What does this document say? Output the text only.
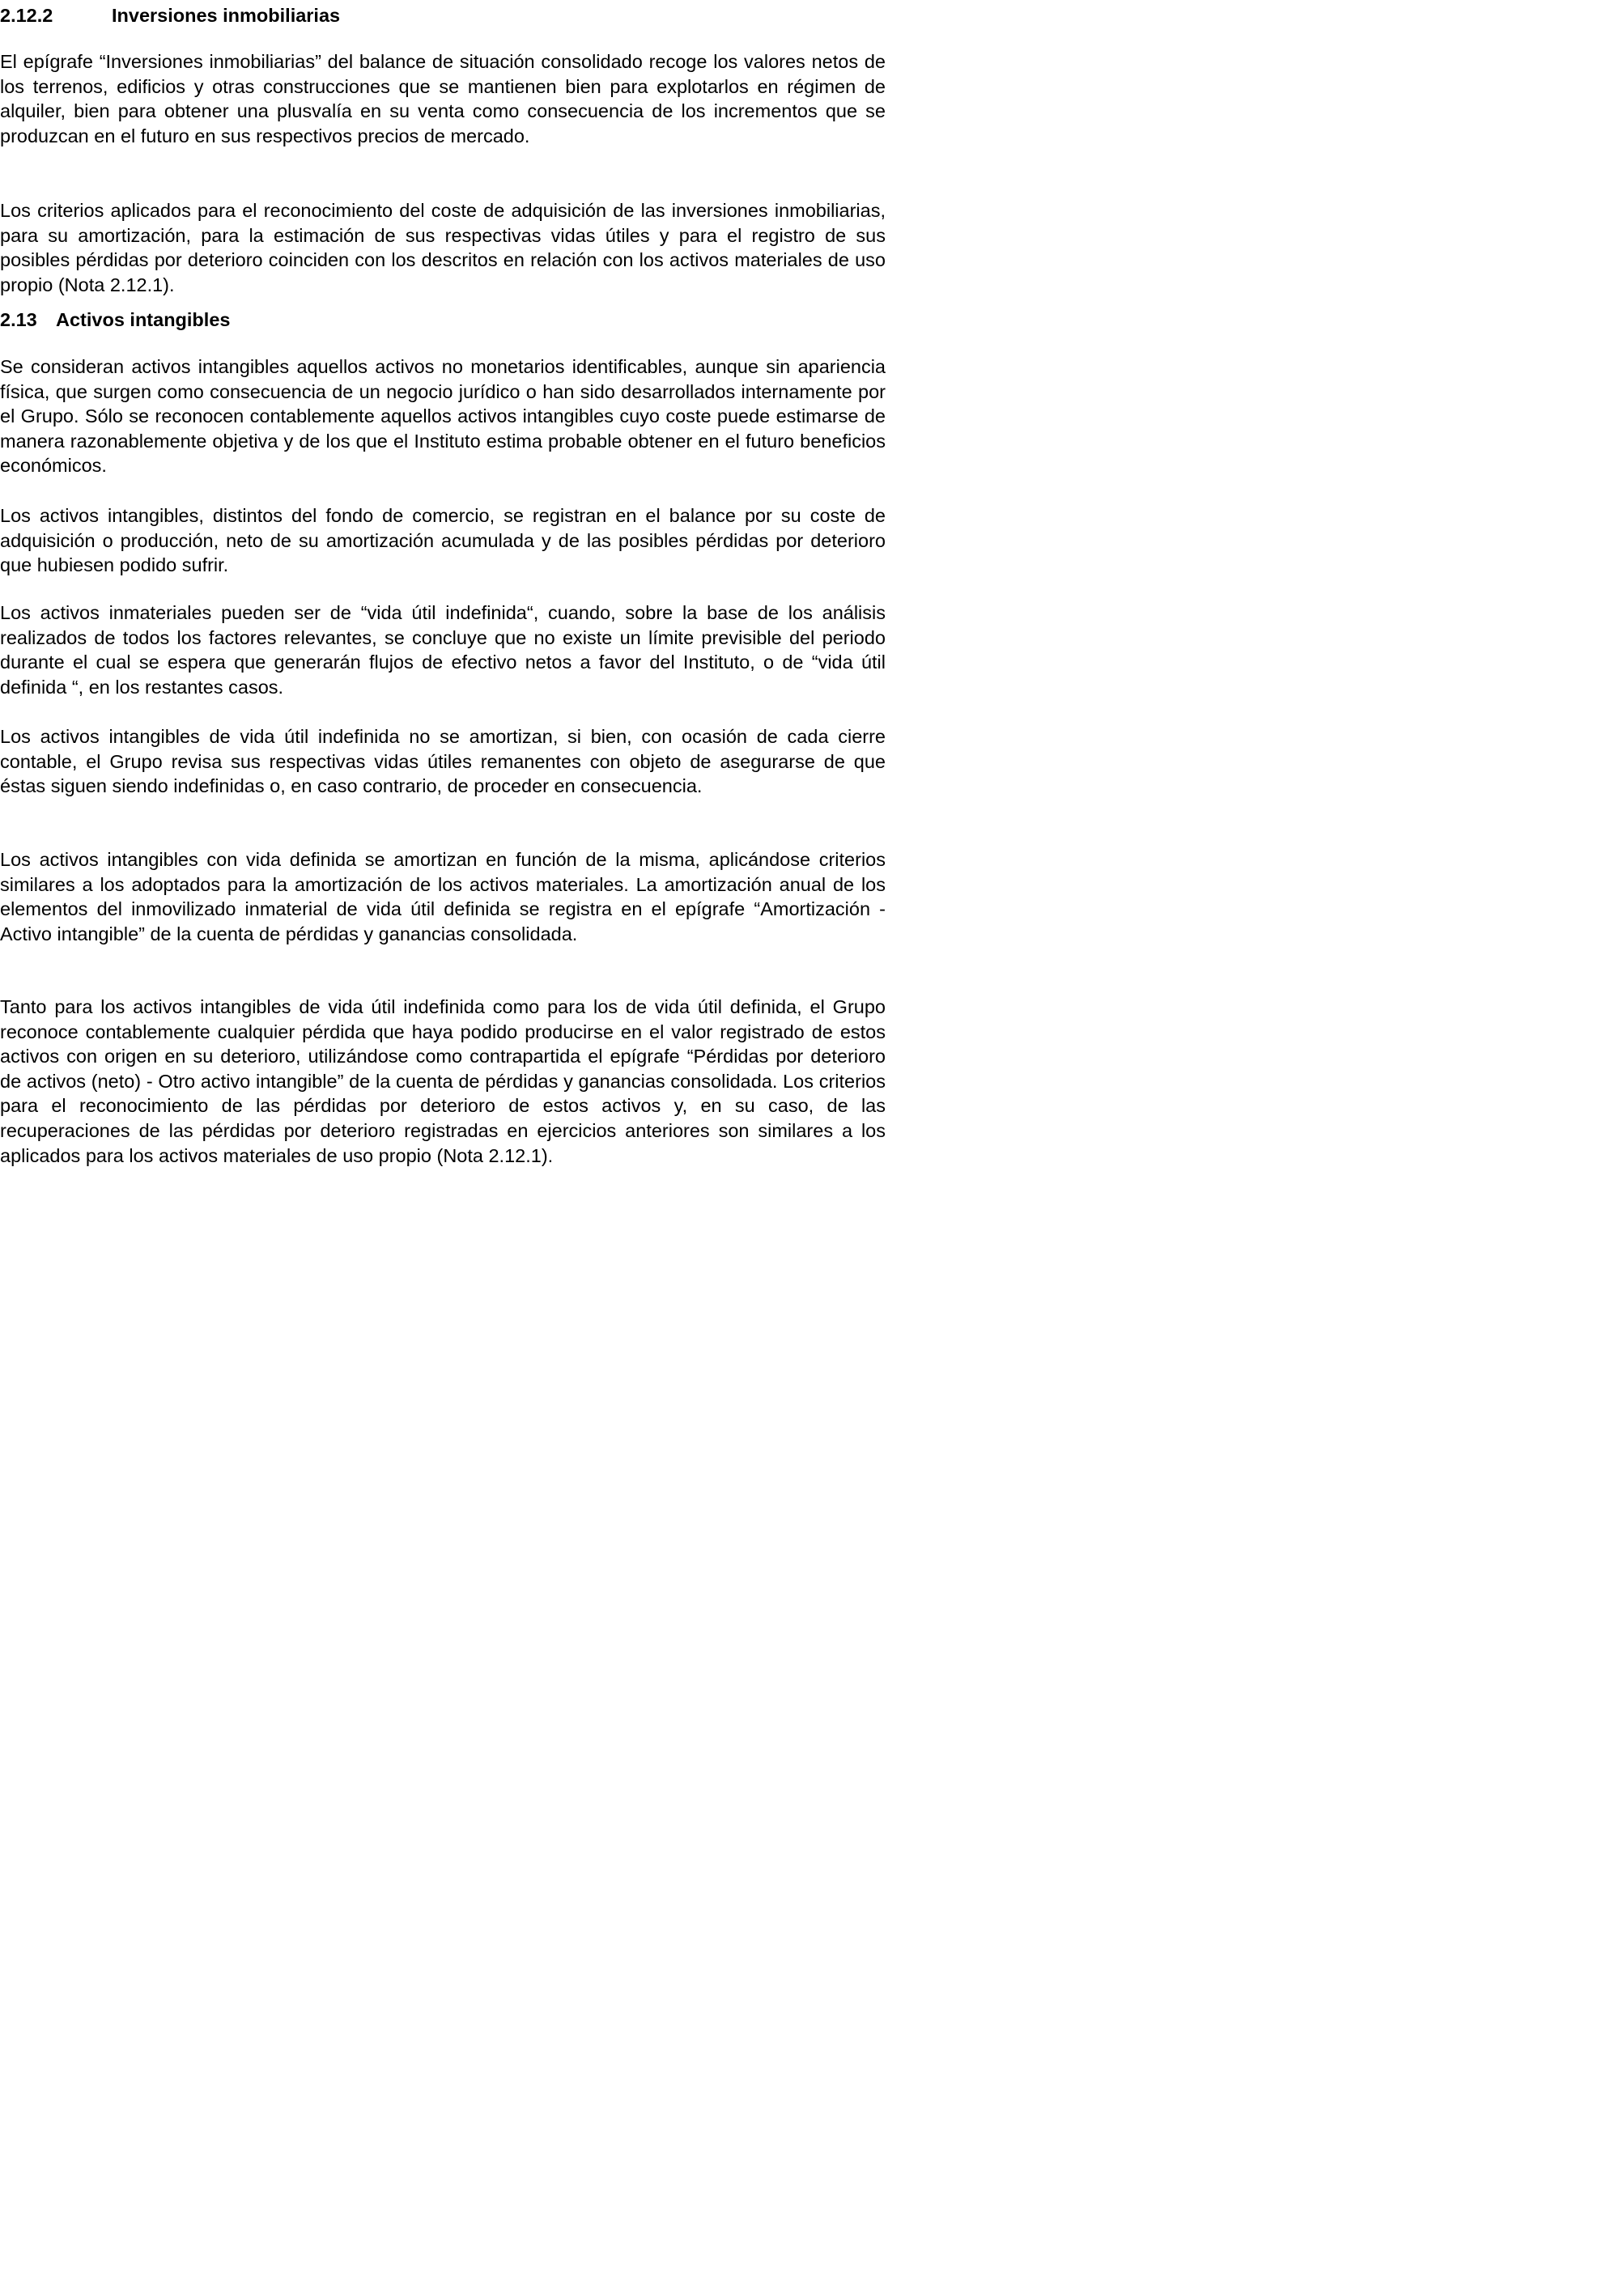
2.12.2	Inversiones inmobiliarias

El epígrafe “Inversiones inmobiliarias” del balance de situación consolidado recoge los valores netos de los terrenos, edificios y otras construcciones que se mantienen bien para explotarlos en régimen de alquiler, bien para obtener una plusvalía en su venta como consecuencia de los incrementos que se produzcan en el futuro en sus respectivos precios de mercado.

Los criterios aplicados para el reconocimiento del coste de adquisición de las inversiones inmobiliarias, para su amortización, para la estimación de sus respectivas vidas útiles y para el registro de sus posibles pérdidas por deterioro coinciden con los descritos en relación con los activos materiales de uso propio (Nota 2.12.1).

2.13 Activos intangibles

Se consideran activos intangibles aquellos activos no monetarios identificables, aunque sin apariencia física, que surgen como consecuencia de un negocio jurídico o han sido desarrollados internamente por el Grupo. Sólo se reconocen contablemente aquellos activos intangibles cuyo coste puede estimarse de manera razonablemente objetiva y de los que el Instituto estima probable obtener en el futuro beneficios económicos.

Los activos intangibles, distintos del fondo de comercio, se registran en el balance por su coste de adquisición o producción, neto de su amortización acumulada y de las posibles pérdidas por deterioro que hubiesen podido sufrir.

Los activos inmateriales pueden ser de “vida útil indefinida“, cuando, sobre la base de los análisis realizados de todos los factores relevantes, se concluye que no existe un límite previsible del periodo durante el cual se espera que generarán flujos de efectivo netos a favor del Instituto, o de “vida útil definida “, en los restantes casos.

Los activos intangibles de vida útil indefinida no se amortizan, si bien, con ocasión de cada cierre contable, el Grupo revisa sus respectivas vidas útiles remanentes con objeto de asegurarse de que éstas siguen siendo indefinidas o, en caso contrario, de proceder en consecuencia.

Los activos intangibles con vida definida se amortizan en función de la misma, aplicándose criterios similares a los adoptados para la amortización de los activos materiales. La amortización anual de los elementos del inmovilizado inmaterial de vida útil definida se registra en el epígrafe “Amortización - Activo intangible” de la cuenta de pérdidas y ganancias consolidada.

Tanto para los activos intangibles de vida útil indefinida como para los de vida útil definida, el Grupo reconoce contablemente cualquier pérdida que haya podido producirse en el valor registrado de estos activos con origen en su deterioro, utilizándose como contrapartida el epígrafe “Pérdidas por deterioro de activos (neto) - Otro activo intangible” de la cuenta de pérdidas y ganancias consolidada. Los criterios para el reconocimiento de las pérdidas por deterioro de estos activos y, en su caso, de las recuperaciones de las pérdidas por deterioro registradas en ejercicios anteriores son similares a los aplicados para los activos materiales de uso propio (Nota 2.12.1).
